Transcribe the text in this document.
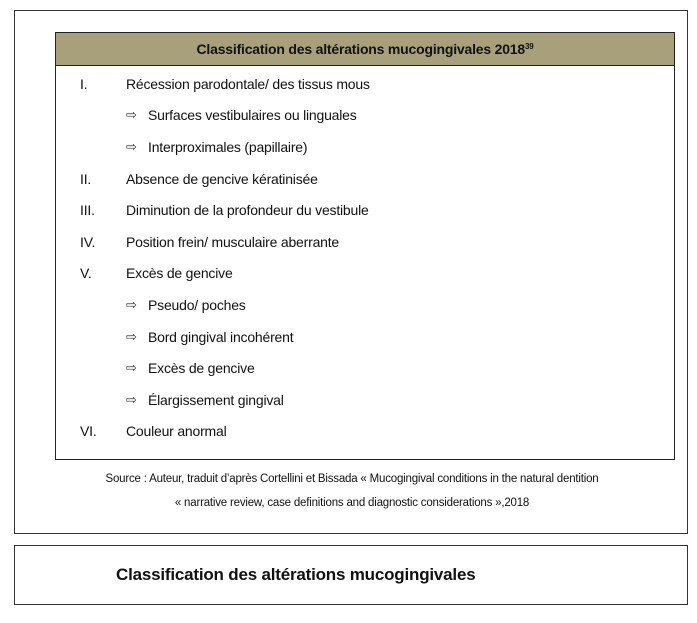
Classification des altérations mucogingivales 2018$^{39}$
I.	Récession parodontale/ des tissus mous
⇨ Surfaces vestibulaires ou linguales
⇨ Interproximales (papillaire)
II.	Absence de gencive kératinisée
III.	Diminution de la profondeur du vestibule
IV.	Position frein/ musculaire aberrante
V.	Excès de gencive
⇨ Pseudo/ poches
⇨ Bord gingival incohérent
⇨ Excès de gencive
⇨ Élargissement gingival
VI.	Couleur anormal
Source : Auteur, traduit d’après Cortellini et Bissada « Mucogingival conditions in the natural dentition
« narrative review, case definitions and diagnostic considerations »,2018
Classification des altérations mucogingivales
